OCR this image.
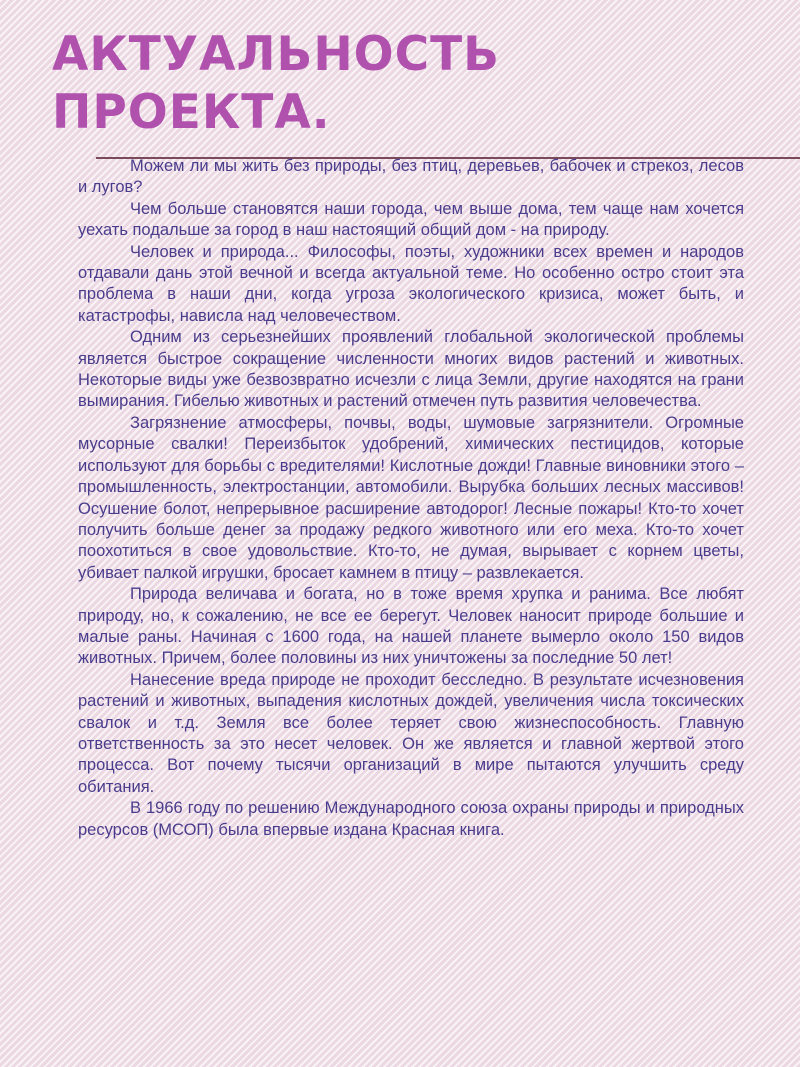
АКТУАЛЬНОСТЬ
ПРОЕКТА.

Можем ли мы жить без природы, без птиц, деревьев, бабочек и стрекоз, лесов и лугов?

Чем больше становятся наши города, чем выше дома, тем чаще нам хочется уехать подальше за город в наш настоящий общий дом - на природу.

Человек и природа... Философы, поэты, художники всех времен и народов отдавали дань этой вечной и всегда актуальной теме. Но особенно остро стоит эта проблема в наши дни, когда угроза экологического кризиса, может быть, и катастрофы, нависла над человечеством.

Одним из серьезнейших проявлений глобальной экологической проблемы является быстрое сокращение численности многих видов растений и животных. Некоторые виды уже безвозвратно исчезли с лица Земли, другие находятся на грани вымирания. Гибелью животных и растений отмечен путь развития человечества.

Загрязнение атмосферы, почвы, воды, шумовые загрязнители. Огромные мусорные свалки! Переизбыток удобрений, химических пестицидов, которые используют для борьбы с вредителями! Кислотные дожди! Главные виновники этого – промышленность, электростанции, автомобили. Вырубка больших лесных массивов! Осушение болот, непрерывное расширение автодорог! Лесные пожары! Кто-то хочет получить больше денег за продажу редкого животного или его меха. Кто-то хочет поохотиться в свое удовольствие. Кто-то, не думая, вырывает с корнем цветы, убивает палкой игрушки, бросает камнем в птицу – развлекается.

Природа величава и богата, но в тоже время хрупка и ранима. Все любят природу, но, к сожалению, не все ее берегут. Человек наносит природе большие и малые раны. Начиная с 1600 года, на нашей планете вымерло около 150 видов животных. Причем, более половины из них уничтожены за последние 50 лет!

Нанесение вреда природе не проходит бесследно. В результате исчезновения растений и животных, выпадения кислотных дождей, увеличения числа токсических свалок и т.д. Земля все более теряет свою жизнеспособность. Главную ответственность за это несет человек. Он же является и главной жертвой этого процесса. Вот почему тысячи организаций в мире пытаются улучшить среду обитания.

В 1966 году по решению Международного союза охраны природы и природных ресурсов (МСОП) была впервые издана Красная книга.
